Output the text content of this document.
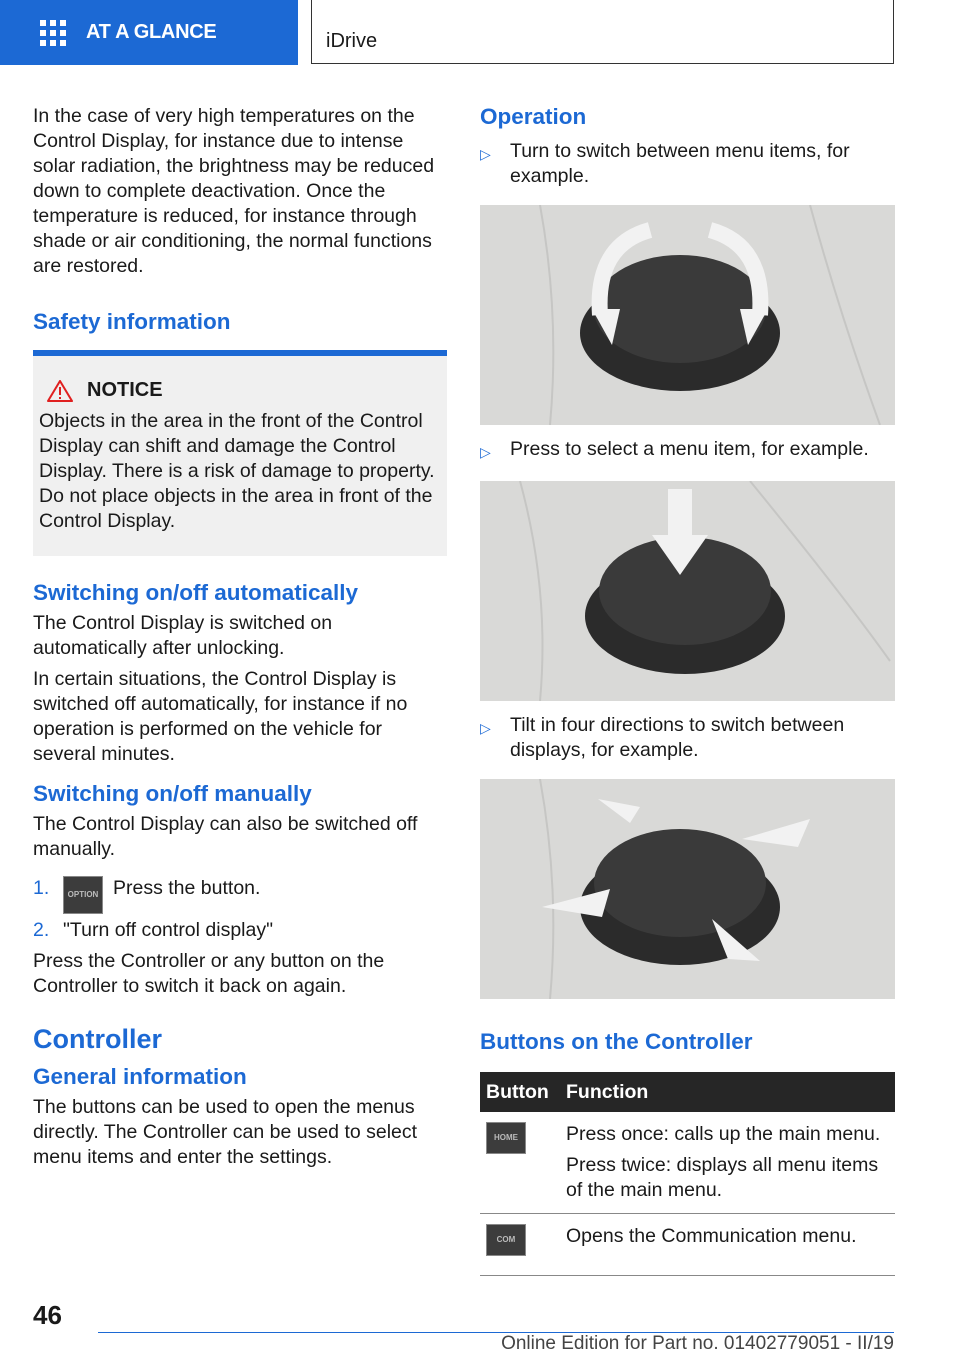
AT A GLANCE	iDrive

In the case of very high temperatures on the Control Display, for instance due to intense solar radiation, the brightness may be reduced down to complete deactivation. Once the temperature is reduced, for instance through shade or air conditioning, the normal functions are restored.

Safety information
NOTICE

Objects in the area in the front of the Control Display can shift and damage the Control Display. There is a risk of damage to property. Do not place objects in the area in front of the Control Display.

Switching on/off automatically

The Control Display is switched on automatically after unlocking.

In certain situations, the Control Display is switched off automatically, for instance if no operation is performed on the vehicle for several minutes.

Switching on/off manually

The Control Display can also be switched off manually.

1.	OPTION Press the button.
2. "Turn off control display"

Press the Controller or any button on the Controller to switch it back on again.

Controller
General information

The buttons can be used to open the menus directly. The Controller can be used to select menu items and enter the settings.

Operation
▷ Turn to switch between menu items, for example.
▷ Press to select a menu item, for example.
▷ Tilt in four directions to switch between displays, for example.
Buttons on the Controller
Button	Function
HOME	Press once: calls up the main menu.

Press twice: displays all menu items of the main menu.

COM	Opens the Communication menu.

46
Online Edition for Part no. 01402779051 - II/19
